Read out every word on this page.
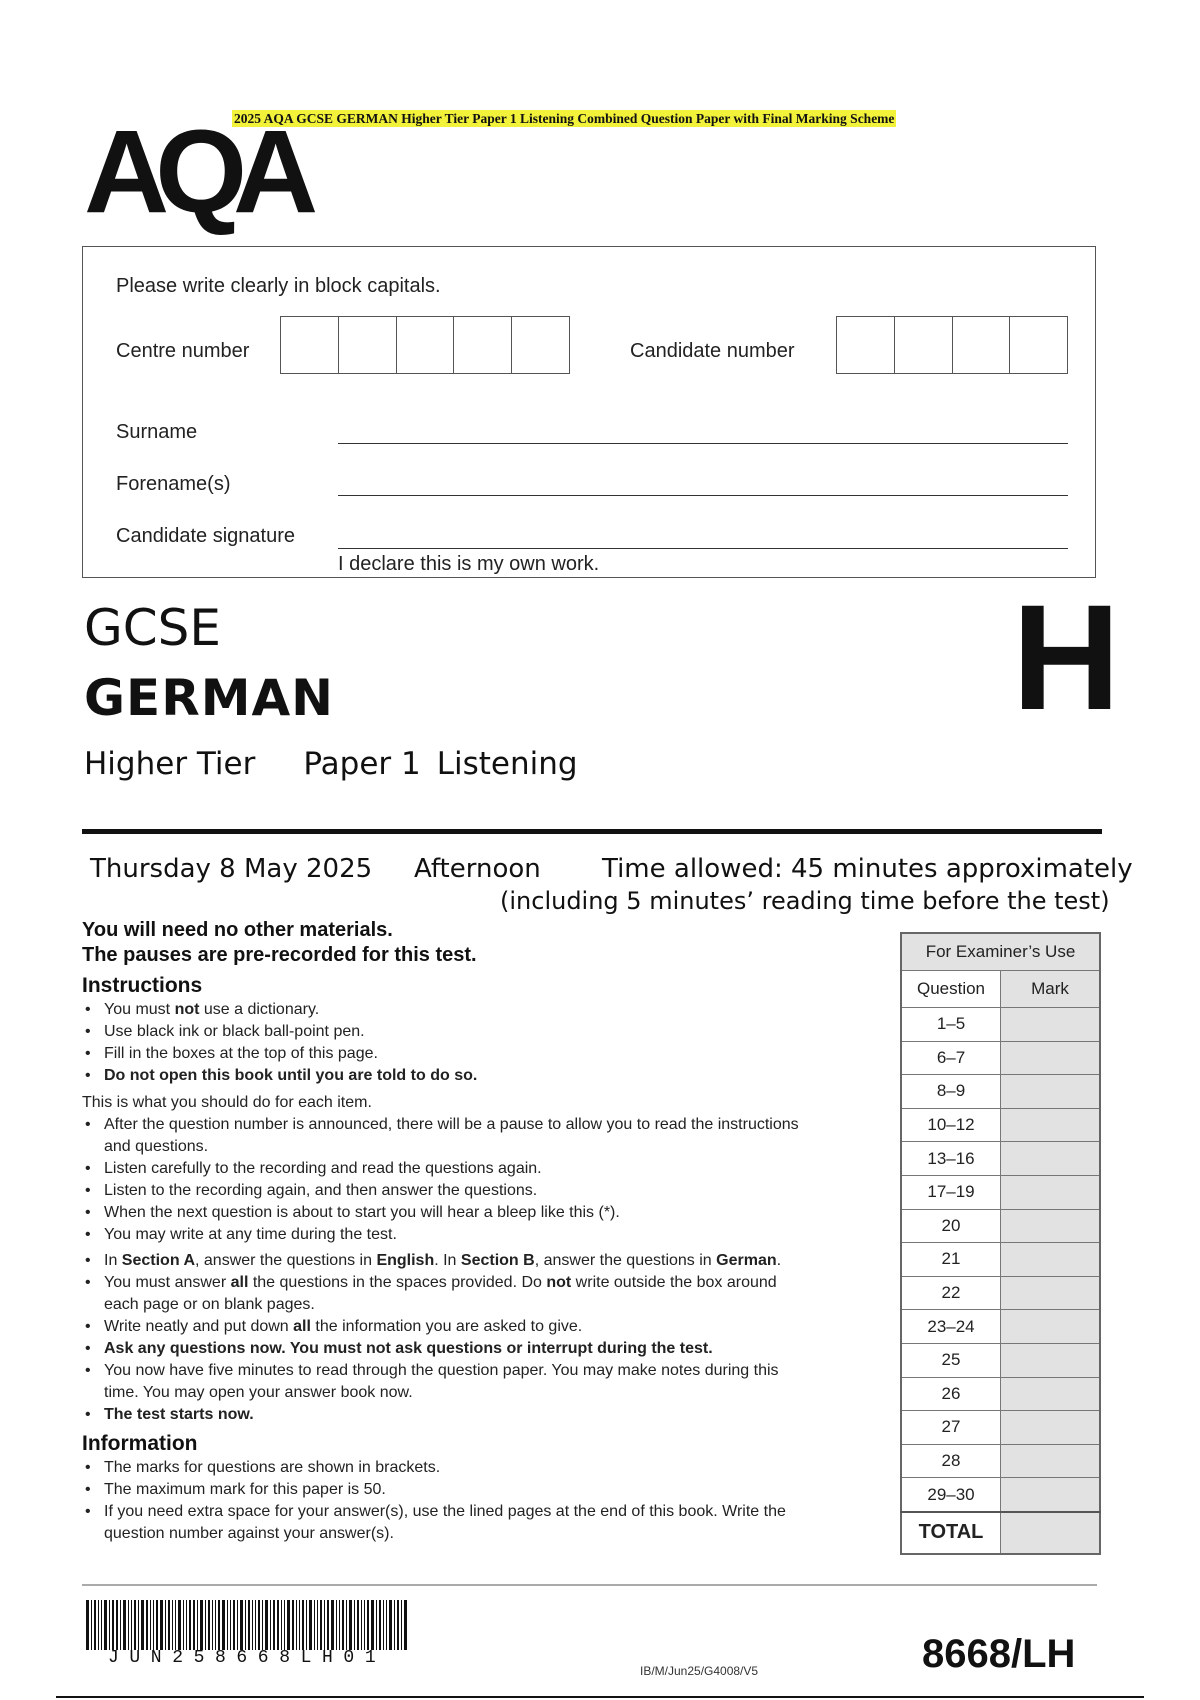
2025 AQA GCSE GERMAN Higher Tier Paper 1 Listening Combined Question Paper with Final Marking Scheme
AQA
Please write clearly in block capitals.
Centre number	Candidate number
Surname
Forename(s)
Candidate signature
I declare this is my own work.
GCSE
GERMAN
Higher Tier Paper 1 Listening
H
Thursday 8 May 2025 Afternoon Time allowed: 45 minutes approximately
(including 5 minutes’ reading time before the test)
You will need no other materials.
The pauses are pre-recorded for this test.
Instructions
• You must not use a dictionary.
• Use black ink or black ball-point pen.
• Fill in the boxes at the top of this page.
• Do not open this book until you are told to do so.
This is what you should do for each item.
• After the question number is announced, there will be a pause to allow you to read the instructions and questions.
• Listen carefully to the recording and read the questions again.
• Listen to the recording again, and then answer the questions.
• When the next question is about to start you will hear a bleep like this (*).
• You may write at any time during the test.
• In Section A, answer the questions in English. In Section B, answer the questions in German.
• You must answer all the questions in the spaces provided. Do not write outside the box around each page or on blank pages.
• Write neatly and put down all the information you are asked to give.
• Ask any questions now. You must not ask questions or interrupt during the test.
• You now have five minutes to read through the question paper. You may make notes during this time. You may open your answer book now.
• The test starts now.
Information
• The marks for questions are shown in brackets.
• The maximum mark for this paper is 50.
• If you need extra space for your answer(s), use the lined pages at the end of this book. Write the question number against your answer(s).
For Examiner’s Use	
Question	Mark
1–5	
6–7	
8–9	
10–12	
13–16	
17–19	
20	
21	
22	
23–24	
25	
26	
27	
28	
29–30	
TOTAL	
JUN258668LH01
IB/M/Jun25/G4008/V5	8668/LH
